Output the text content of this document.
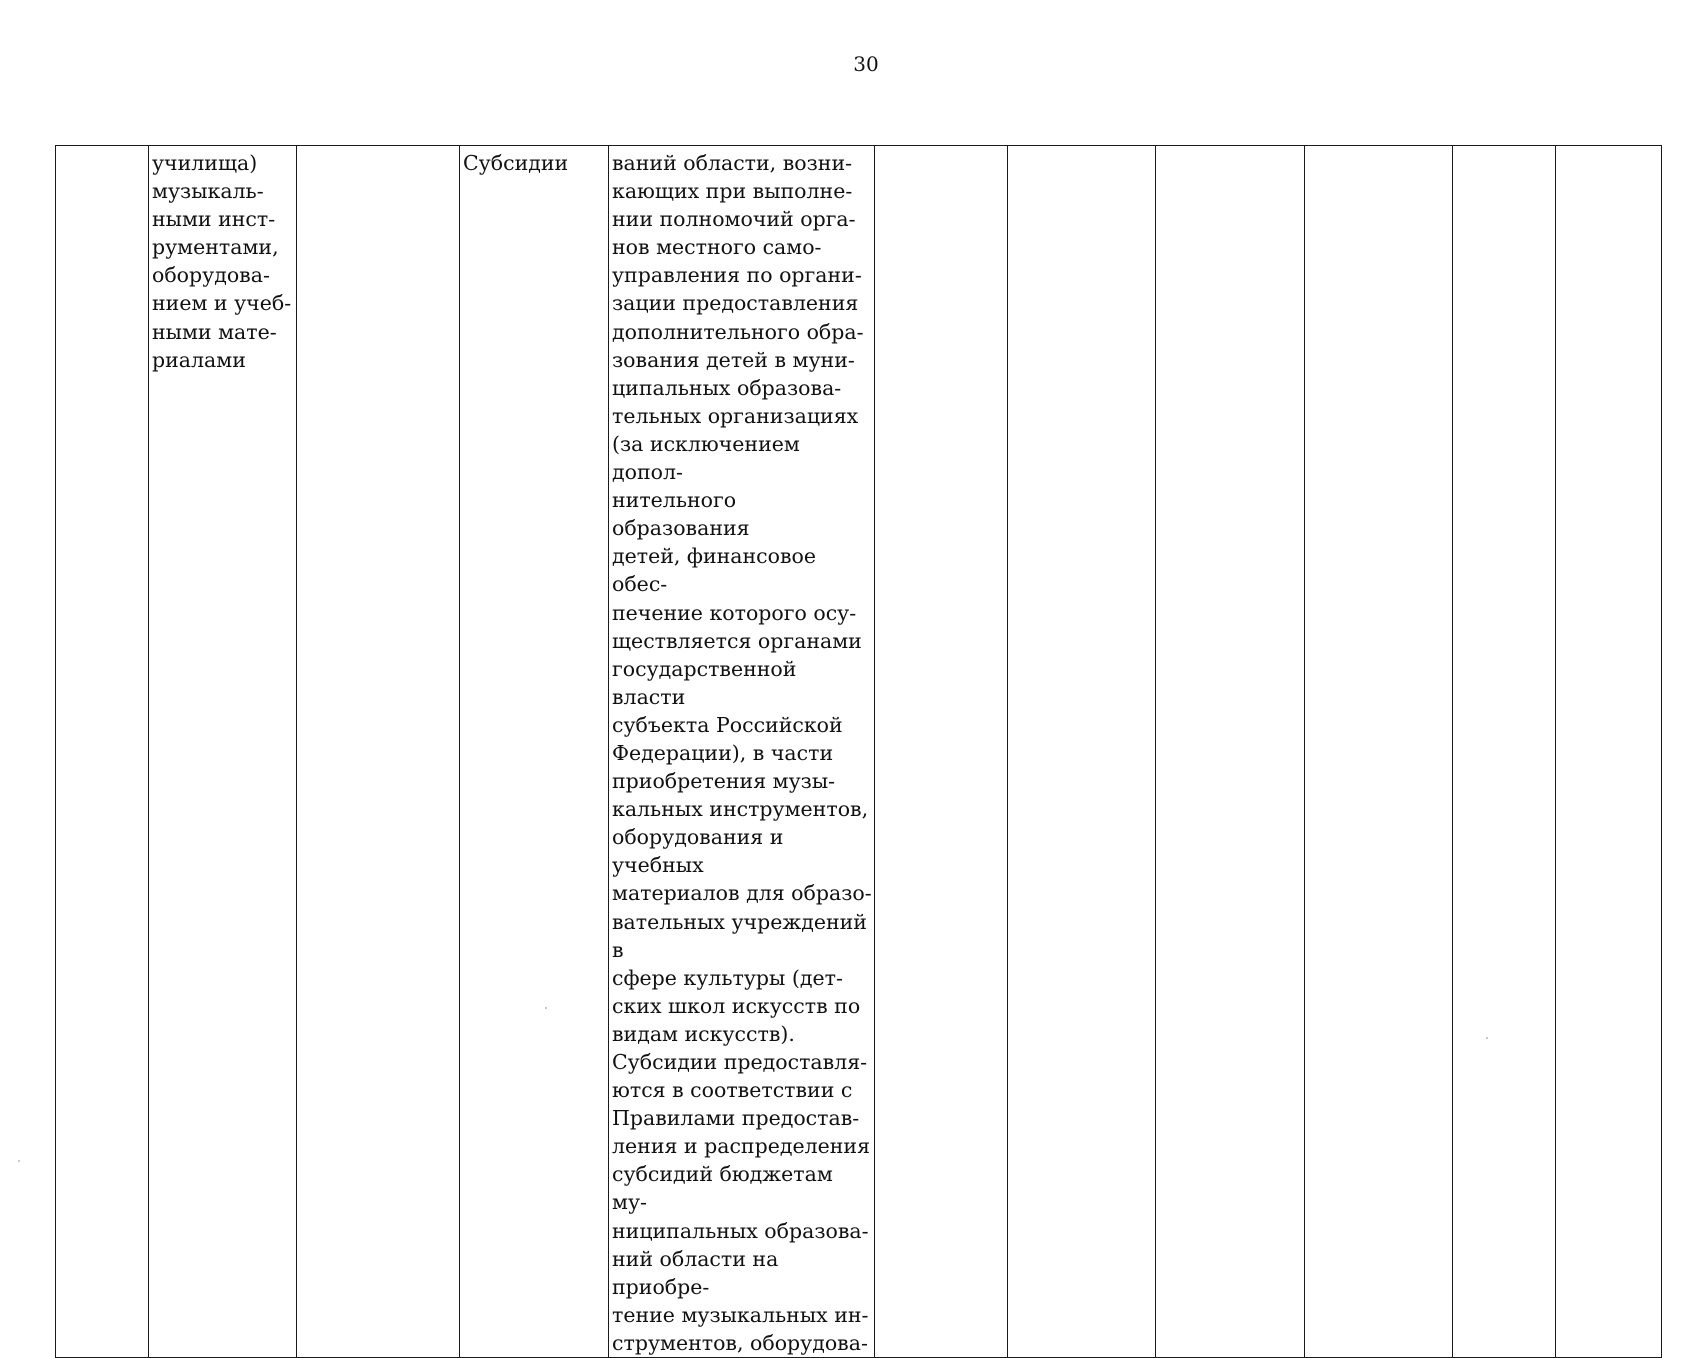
30
	училища)
музыкаль-
ными инст-
рументами,
оборудова-
нием и учеб-
ными мате-
риалами		Субсидии	ваний области, возни-
кающих при выполне-
нии полномочий орга-
нов местного само-
управления по органи-
зации предоставления
дополнительного обра-
зования детей в муни-
ципальных образова-
тельных организациях
(за исключением допол-
нительного образования
детей, финансовое обес-
печение которого осу-
ществляется органами
государственной власти
субъекта Российской
Федерации), в части
приобретения музы-
кальных инструментов,
оборудования и учебных
материалов для образо-
вательных учреждений в
сфере культуры (дет-
ских школ искусств по
видам искусств).
Субсидии предоставля-
ются в соответствии с
Правилами предостав-
ления и распределения
субсидий бюджетам му-
ниципальных образова-
ний области на приобре-
тение музыкальных ин-
струментов, оборудова-						
